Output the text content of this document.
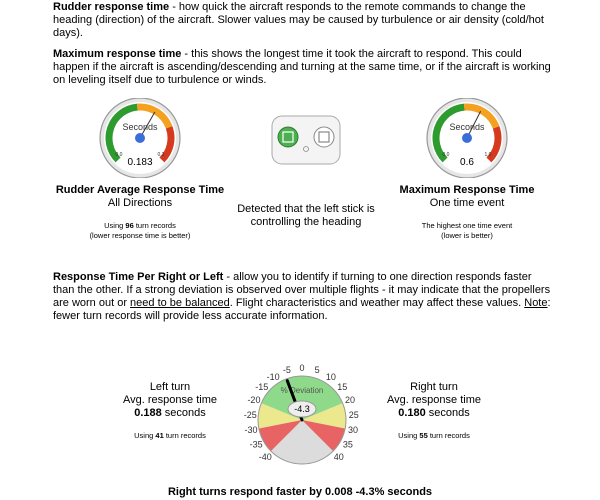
Rudder response time - how quick the aircraft responds to the remote commands to change the heading (direction) of the aircraft. Slower values may be caused by turbulence or air density (cold/hot days).
Maximum response time - this shows the longest time it took the aircraft to respond. This could happen if the aircraft is ascending/descending and turning at the same time, or if the aircraft is working on leveling itself due to turbulence or winds.
Seconds
0.0	0.3
0.183
Rudder Average Response Time
All Directions
Using 96 turn records
(lower response time is better)
Detected that the left stick is
controlling the heading
Seconds
0.0	1.0
0.6
Maximum Response Time
One time event
The highest one time event
(lower is better)
Response Time Per Right or Left - allow you to identify if turning to one direction responds faster than the other. If a strong deviation is observed over multiple flights - it may indicate that the propellers are worn out or need to be balanced. Flight characteristics and weather may affect these values. Note: fewer turn records will provide less accurate information.
Left turn
Avg. response time
0.188 seconds
Using 41 turn records
Right turn
Avg. response time
0.180 seconds
Using 55 turn records
0
-5
-10
-15
-20
-25
-30
-35
-40
5
10
15
20
25
30
35
40
% Deviation
-4.3
Right turns respond faster by 0.008 -4.3% seconds
